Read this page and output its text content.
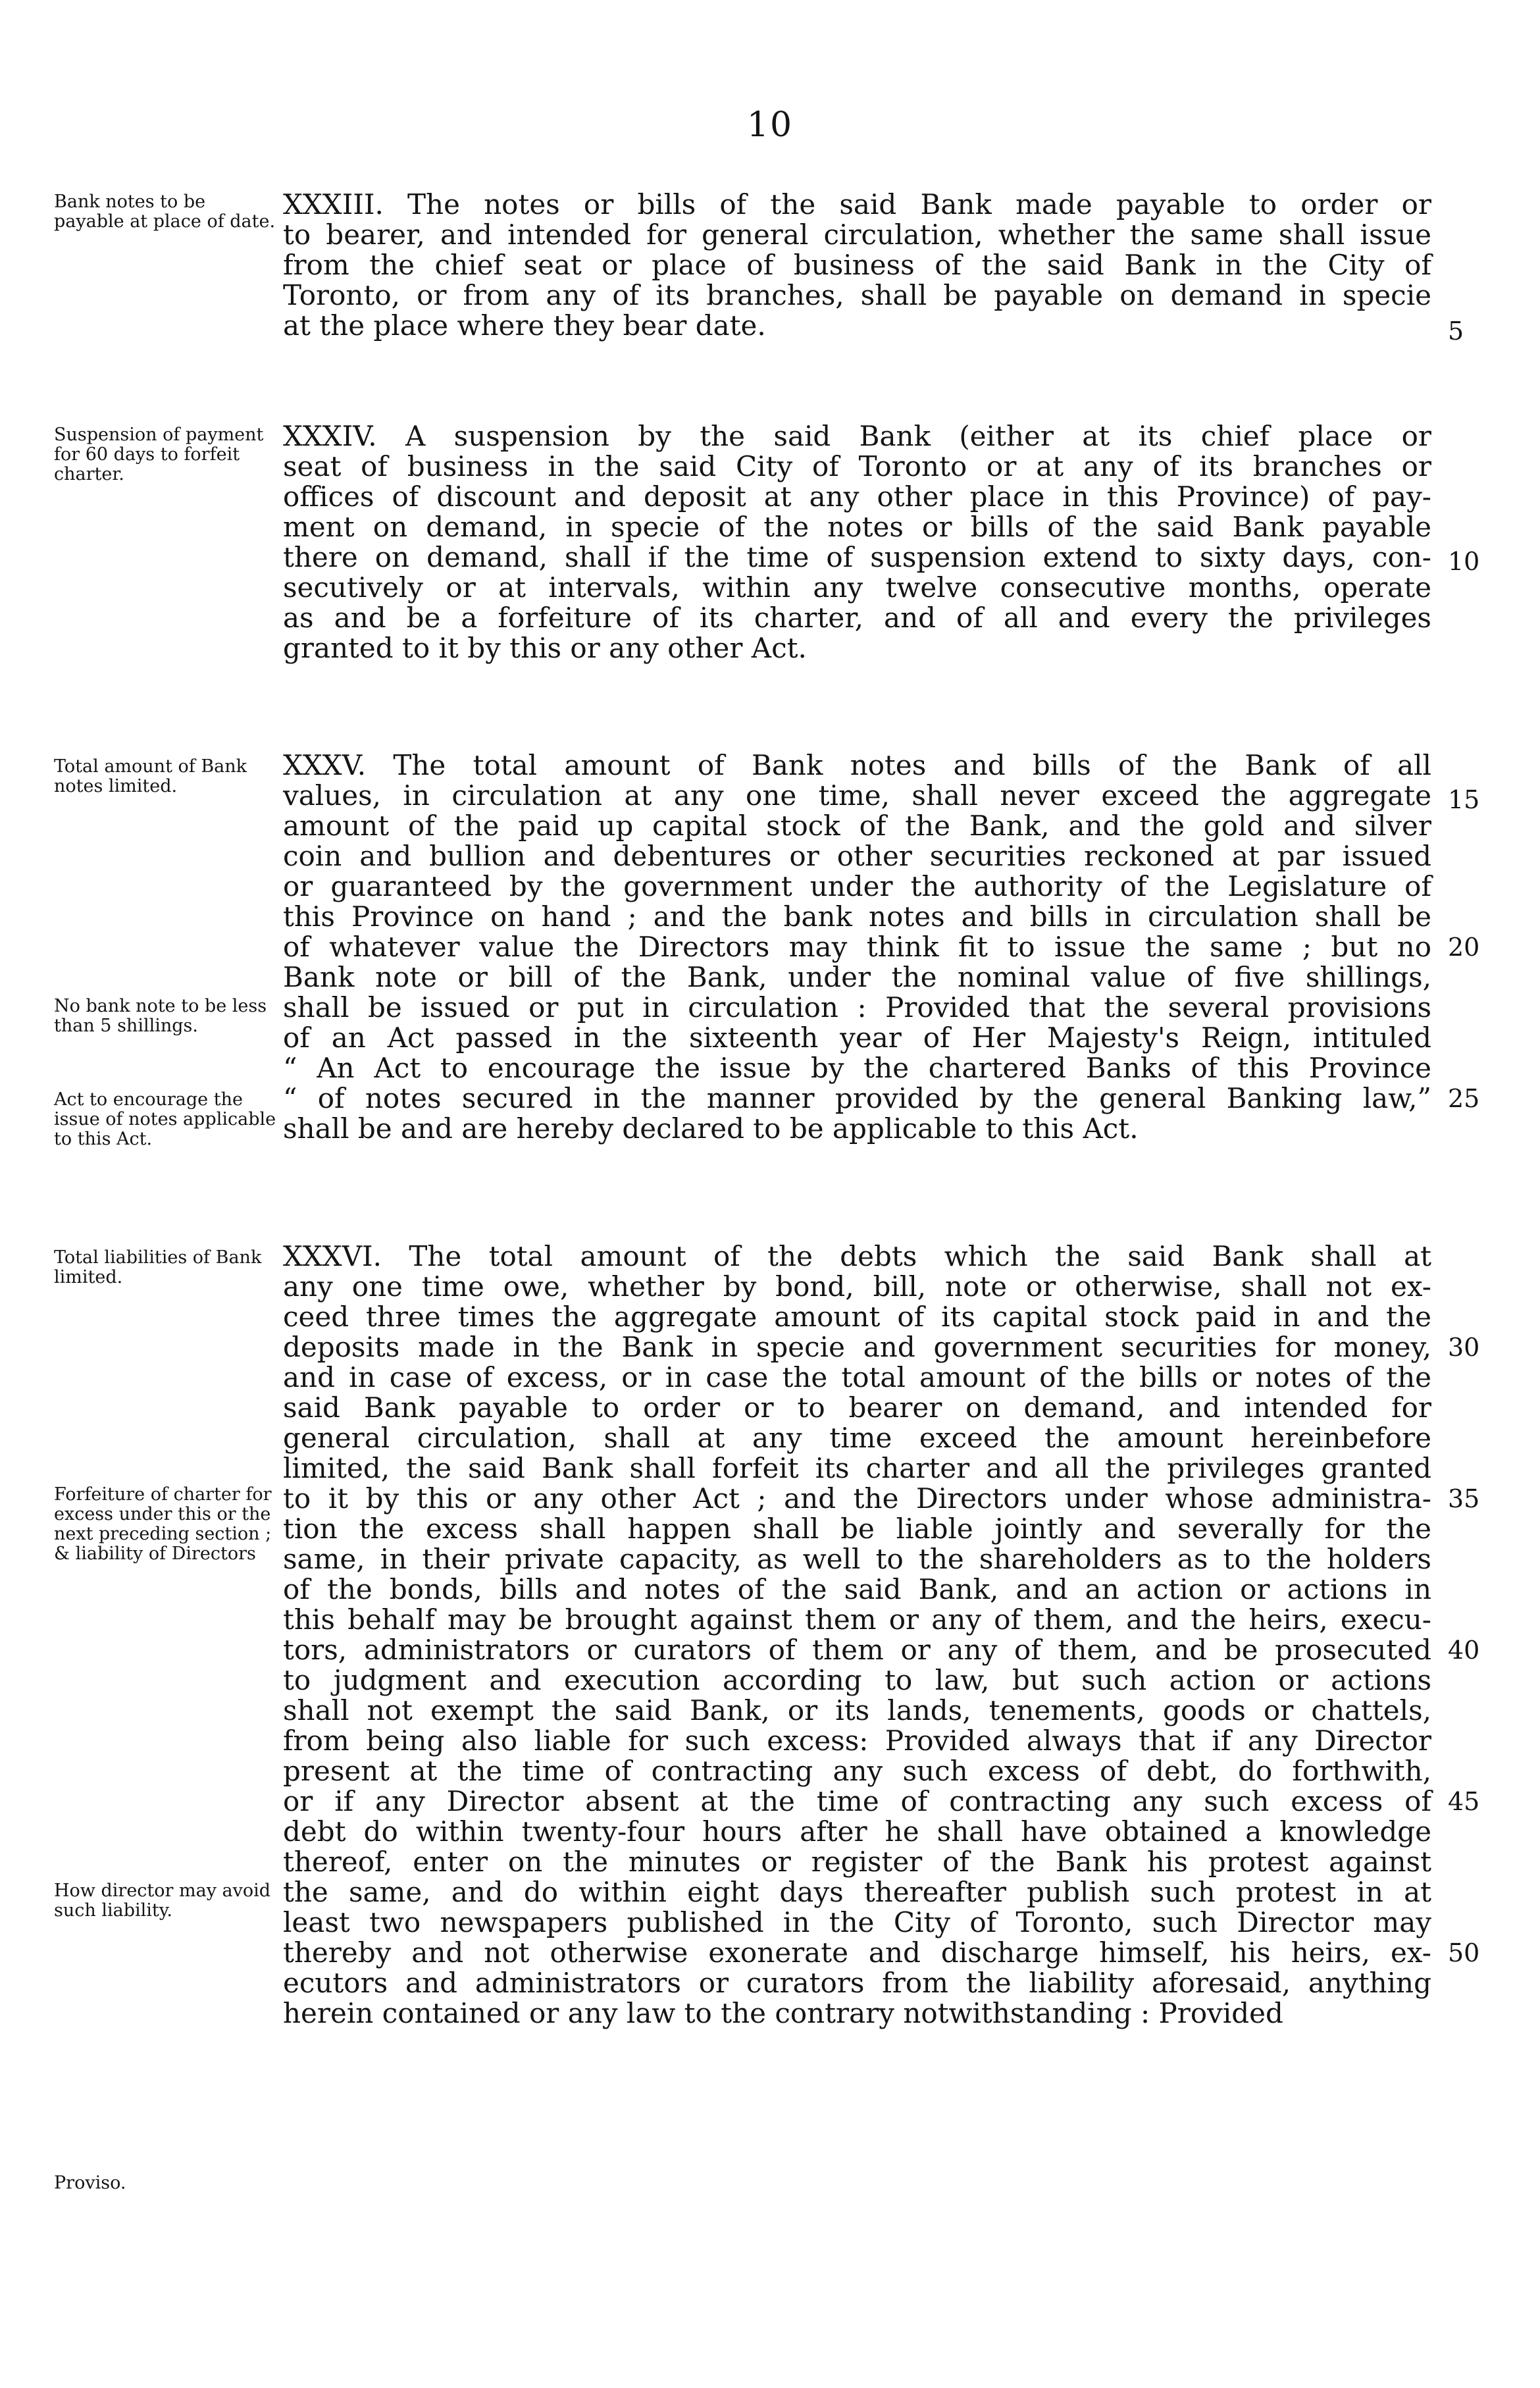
10
Bank notes to be payable at place of date.
XXXIII. The notes or bills of the said Bank made payable to order or
to bearer, and intended for general circulation, whether the same shall issue
from the chief seat or place of business of the said Bank in the City of
Toronto, or from any of its branches, shall be payable on demand in specie
at the place where they bear date.	5
Suspension of payment for 60 days to forfeit charter.
XXXIV. A suspension by the said Bank (either at its chief place or
seat of business in the said City of Toronto or at any of its branches or
offices of discount and deposit at any other place in this Province) of pay-
ment on demand, in specie of the notes or bills of the said Bank payable
there on demand, shall if the time of suspension extend to sixty days, con- 10
secutively or at intervals, within any twelve consecutive months, operate
as and be a forfeiture of its charter, and of all and every the privileges
granted to it by this or any other Act.
Total amount of Bank notes limited.
No bank note to be less than 5 shillings.
Act to encourage the issue of notes applicable to this Act.
XXXV. The total amount of Bank notes and bills of the Bank of all
values, in circulation at any one time, shall never exceed the aggregate 15
amount of the paid up capital stock of the Bank, and the gold and silver
coin and bullion and debentures or other securities reckoned at par issued
or guaranteed by the government under the authority of the Legislature of
this Province on hand ; and the bank notes and bills in circulation shall be
of whatever value the Directors may think fit to issue the same ; but no 20
Bank note or bill of the Bank, under the nominal value of five shillings,
shall be issued or put in circulation : Provided that the several provisions
of an Act passed in the sixteenth year of Her Majesty's Reign, intituled
“ An Act to encourage the issue by the chartered Banks of this Province
“ of notes secured in the manner provided by the general Banking law,” 25
shall be and are hereby declared to be applicable to this Act.
Total liabilities of Bank limited.
Forfeiture of charter for excess under this or the next preceding section ; & liability of Directors
How director may avoid such liability.
Proviso.
XXXVI. The total amount of the debts which the said Bank shall at
any one time owe, whether by bond, bill, note or otherwise, shall not ex-
ceed three times the aggregate amount of its capital stock paid in and the
deposits made in the Bank in specie and government securities for money, 30
and in case of excess, or in case the total amount of the bills or notes of the
said Bank payable to order or to bearer on demand, and intended for
general circulation, shall at any time exceed the amount hereinbefore
limited, the said Bank shall forfeit its charter and all the privileges granted
to it by this or any other Act ; and the Directors under whose administra- 35
tion the excess shall happen shall be liable jointly and severally for the
same, in their private capacity, as well to the shareholders as to the holders
of the bonds, bills and notes of the said Bank, and an action or actions in
this behalf may be brought against them or any of them, and the heirs, execu-
tors, administrators or curators of them or any of them, and be prosecuted 40
to judgment and execution according to law, but such action or actions
shall not exempt the said Bank, or its lands, tenements, goods or chattels,
from being also liable for such excess: Provided always that if any Director
present at the time of contracting any such excess of debt, do forthwith,
or if any Director absent at the time of contracting any such excess of 45
debt do within twenty-four hours after he shall have obtained a knowledge
thereof, enter on the minutes or register of the Bank his protest against
the same, and do within eight days thereafter publish such protest in at
least two newspapers published in the City of Toronto, such Director may
thereby and not otherwise exonerate and discharge himself, his heirs, ex- 50
ecutors and administrators or curators from the liability aforesaid, anything
herein contained or any law to the contrary notwithstanding : Provided
